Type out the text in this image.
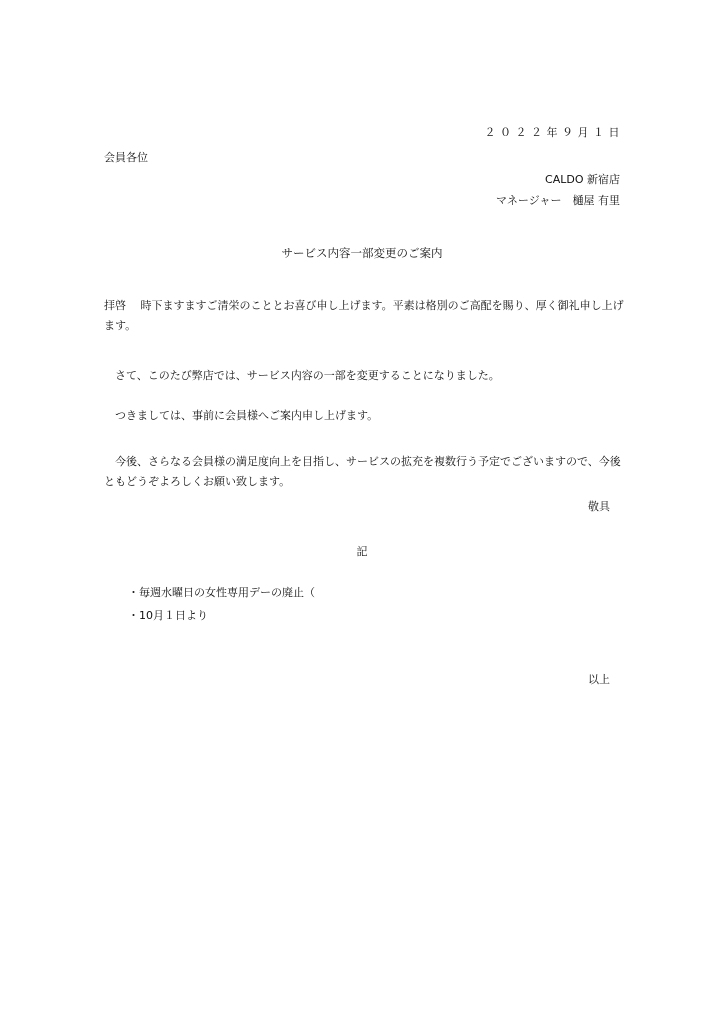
２０２２年９月１日
会員各位
CALDO 新宿店
マネージャー　樋屋 有里
サービス内容一部変更のご案内
拝啓　 時下ますますご清栄のこととお喜び申し上げます。平素は格別のご高配を賜り、厚く御礼申し上げます。
　さて、このたび弊店では、サービス内容の一部を変更することになりました。
　つきましては、事前に会員様へご案内申し上げます。
　今後、さらなる会員様の満足度向上を目指し、サービスの拡充を複数行う予定でございますので、今後ともどうぞよろしくお願い致します。
敬具
記
・毎週水曜日の女性専用デーの廃止（
・10月１日より
以上
